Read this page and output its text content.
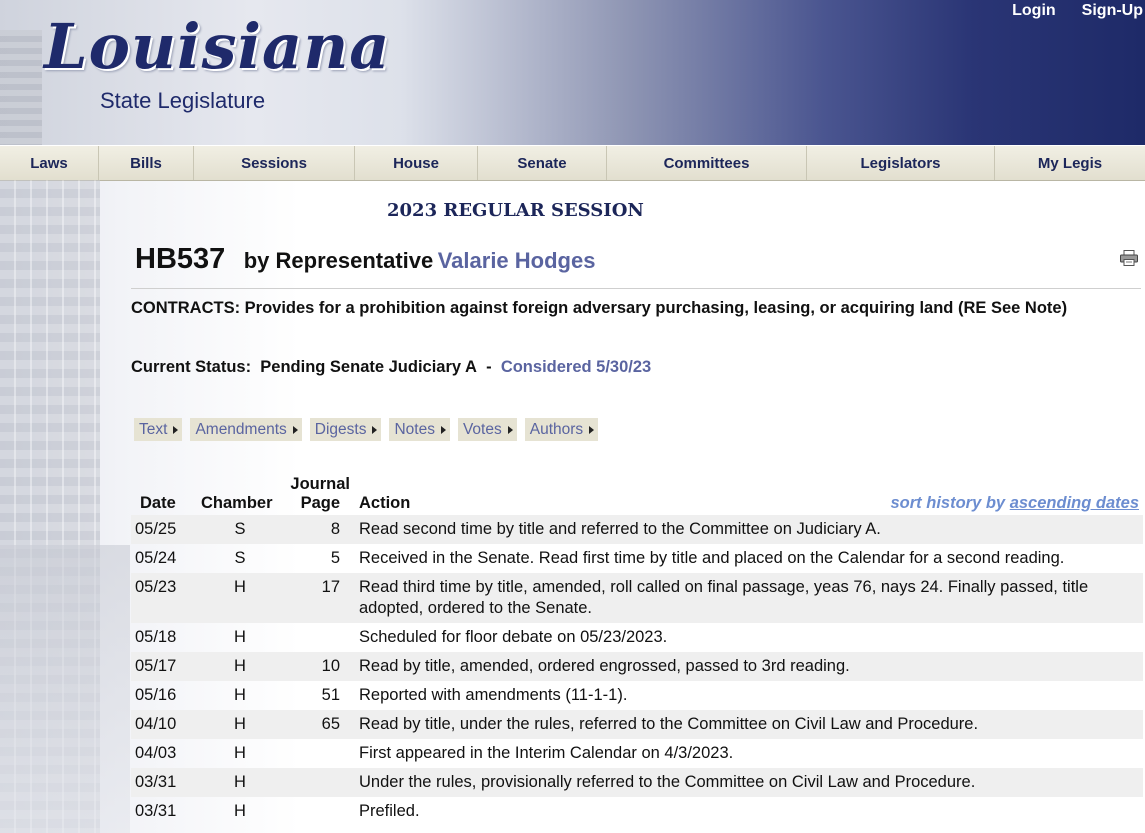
Louisiana
State Legislature
Login Sign-Up
Laws	Bills	Sessions	House	Senate	Committees	Legislators	My Legis
2023 REGULAR SESSION
HB537 by Representative Valarie Hodges
CONTRACTS: Provides for a prohibition against foreign adversary purchasing, leasing, or acquiring land (RE See Note)
Current Status: Pending Senate Judiciary A - Considered 5/30/23
Text Amendments Digests Notes Votes Authors
Date Chamber
Journal
Page Action	sort history by ascending dates
05/25	S	8 Read second time by title and referred to the Committee on Judiciary A.
05/24	S	5 Received in the Senate. Read first time by title and placed on the Calendar for a second reading.
05/23	H	17 Read third time by title, amended, roll called on final passage, yeas 76, nays 24. Finally passed, title adopted, ordered to the Senate.
05/18	H	Scheduled for floor debate on 05/23/2023.
05/17	H	10 Read by title, amended, ordered engrossed, passed to 3rd reading.
05/16	H	51 Reported with amendments (11-1-1).
04/10	H	65 Read by title, under the rules, referred to the Committee on Civil Law and Procedure.
04/03	H	First appeared in the Interim Calendar on 4/3/2023.
03/31	H	Under the rules, provisionally referred to the Committee on Civil Law and Procedure.
03/31	H	Prefiled.
